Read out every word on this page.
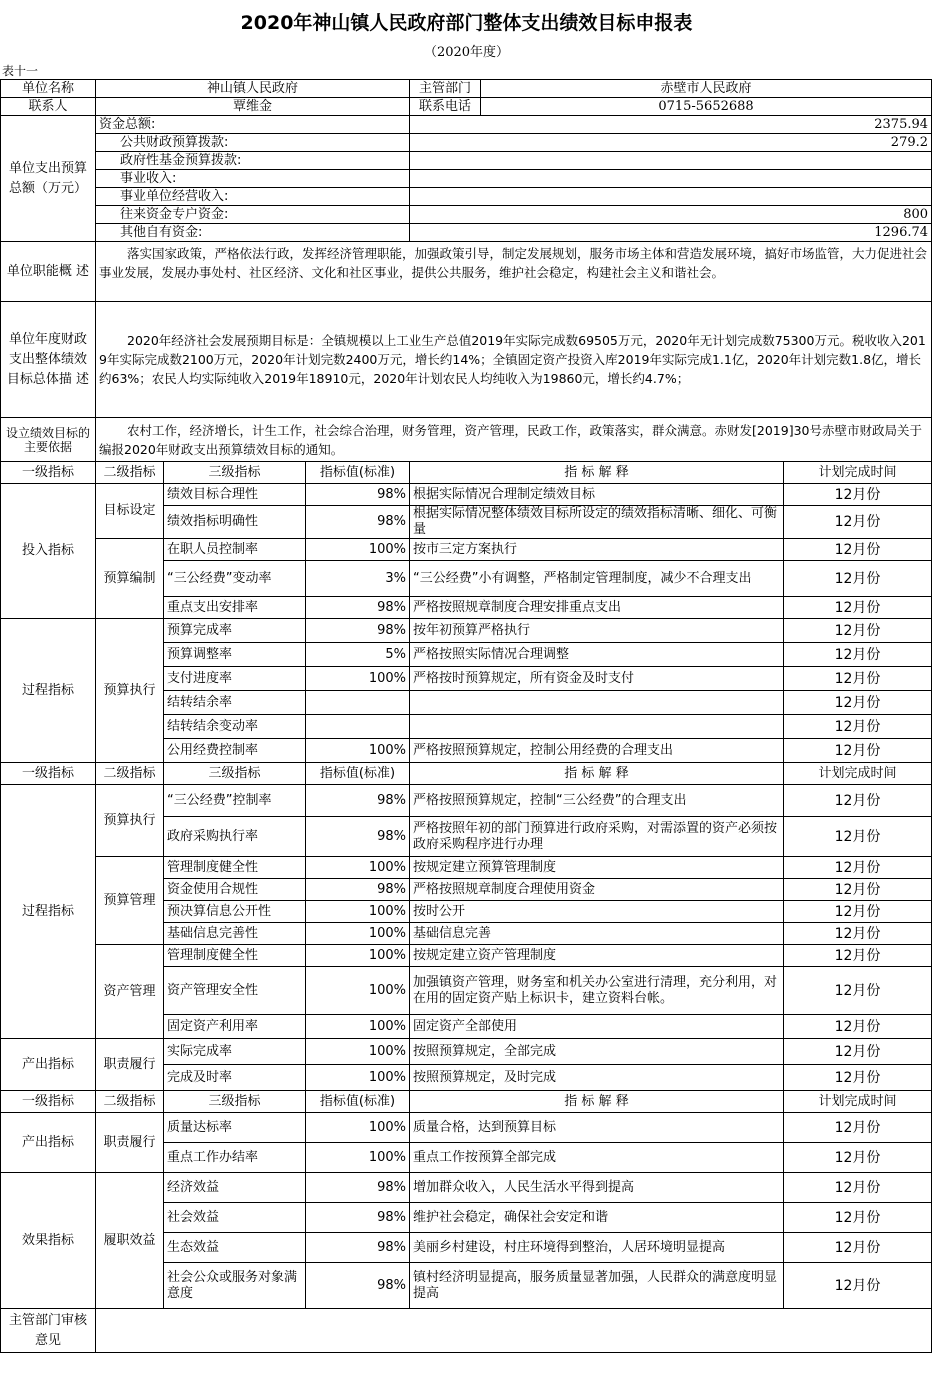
2020年神山镇人民政府部门整体支出绩效目标申报表
（2020年度）
表十一
单位名称	神山镇人民政府			主管部门 赤壁市人民政府	

联系人	覃维金			联系电话 0715-5652688	

单位支出预算总额（万元）	资金总额:			2375.94	
	公共财政预算拨款:			279.2	
	政府性基金预算拨款:				
	事业收入:				
	事业单位经营收入:				
	往来资金专户资金:			800	
	其他自有资金:			1296.74	
单位职能概 述	落实国家政策，严格依法行政，发挥经济管理职能，加强政策引导，制定发展规划，服务市场主体和营造发展环境，搞好市场监管，大力促进社会事业发展，发展办事处村、社区经济、文化和社区事业，提供公共服务，维护社会稳定，构建社会主义和谐社会。				
单位年度财政支出整体绩效目标总体描 述	2020年经济社会发展预期目标是：全镇规模以上工业生产总值2019年实际完成数69505万元，2020年无计划完成数75300万元。税收收入2019年实际完成数2100万元，2020年计划完数2400万元，增长约14%；全镇固定资产投资入库2019年实际完成1.1亿，2020年计划完数1.8亿，增长约63%；农民人均实际纯收入2019年18910元，2020年计划农民人均纯收入为19860元，增长约4.7%；				
设立绩效目标的主要依据	农村工作，经济增长，计生工作，社会综合治理，财务管理，资产管理，民政工作，政策落实，群众满意。赤财发[2019]30号赤壁市财政局关于编报2020年财政支出预算绩效目标的通知。				
一级指标	二级指标	三级指标	指标值(标准)	指 标 解 释	计划完成时间
投入指标	目标设定	绩效目标合理性	98%	根据实际情况合理制定绩效目标	12月份
		绩效指标明确性	98%	根据实际情况整体绩效目标所设定的绩效指标清晰、细化、可衡量	12月份
	预算编制	在职人员控制率	100%	按市三定方案执行	12月份
		“三公经费”变动率	3%	“三公经费”小有调整，严格制定管理制度，减少不合理支出	12月份
		重点支出安排率	98%	严格按照规章制度合理安排重点支出	12月份
过程指标	预算执行	预算完成率	98%	按年初预算严格执行	12月份
		预算调整率	5%	严格按照实际情况合理调整	12月份
		支付进度率	100%	严格按时预算规定，所有资金及时支付	12月份
		结转结余率			12月份
		结转结余变动率			12月份
		公用经费控制率	100%	严格按照预算规定，控制公用经费的合理支出	12月份
一级指标	二级指标	三级指标	指标值(标准)	指 标 解 释	计划完成时间
过程指标	预算执行	“三公经费”控制率	98%	严格按照预算规定，控制“三公经费”的合理支出	12月份
		政府采购执行率	98%	严格按照年初的部门预算进行政府采购，对需添置的资产必须按政府采购程序进行办理	12月份
	预算管理	管理制度健全性	100%	按规定建立预算管理制度	12月份
		资金使用合规性	98%	严格按照规章制度合理使用资金	12月份
		预决算信息公开性	100%	按时公开	12月份
		基础信息完善性	100%	基础信息完善	12月份
	资产管理	管理制度健全性	100%	按规定建立资产管理制度	12月份
		资产管理安全性	100%	加强镇资产管理，财务室和机关办公室进行清理，充分利用，对在用的固定资产贴上标识卡，建立资料台帐。	12月份
		固定资产利用率	100%	固定资产全部使用	12月份
产出指标	职责履行	实际完成率	100%	按照预算规定，全部完成	12月份
		完成及时率	100%	按照预算规定，及时完成	12月份
一级指标	二级指标	三级指标	指标值(标准)	指 标 解 释	计划完成时间
产出指标	职责履行	质量达标率	100%	质量合格，达到预算目标	12月份
		重点工作办结率	100%	重点工作按预算全部完成	12月份
效果指标	履职效益	经济效益	98%	增加群众收入，人民生活水平得到提高	12月份
		社会效益	98%	维护社会稳定，确保社会安定和谐	12月份
		生态效益	98%	美丽乡村建设，村庄环境得到整治，人居环境明显提高	12月份
		社会公众或服务对象满意度	98%	镇村经济明显提高，服务质量显著加强，人民群众的满意度明显提高	12月份
主管部门审核意见					
